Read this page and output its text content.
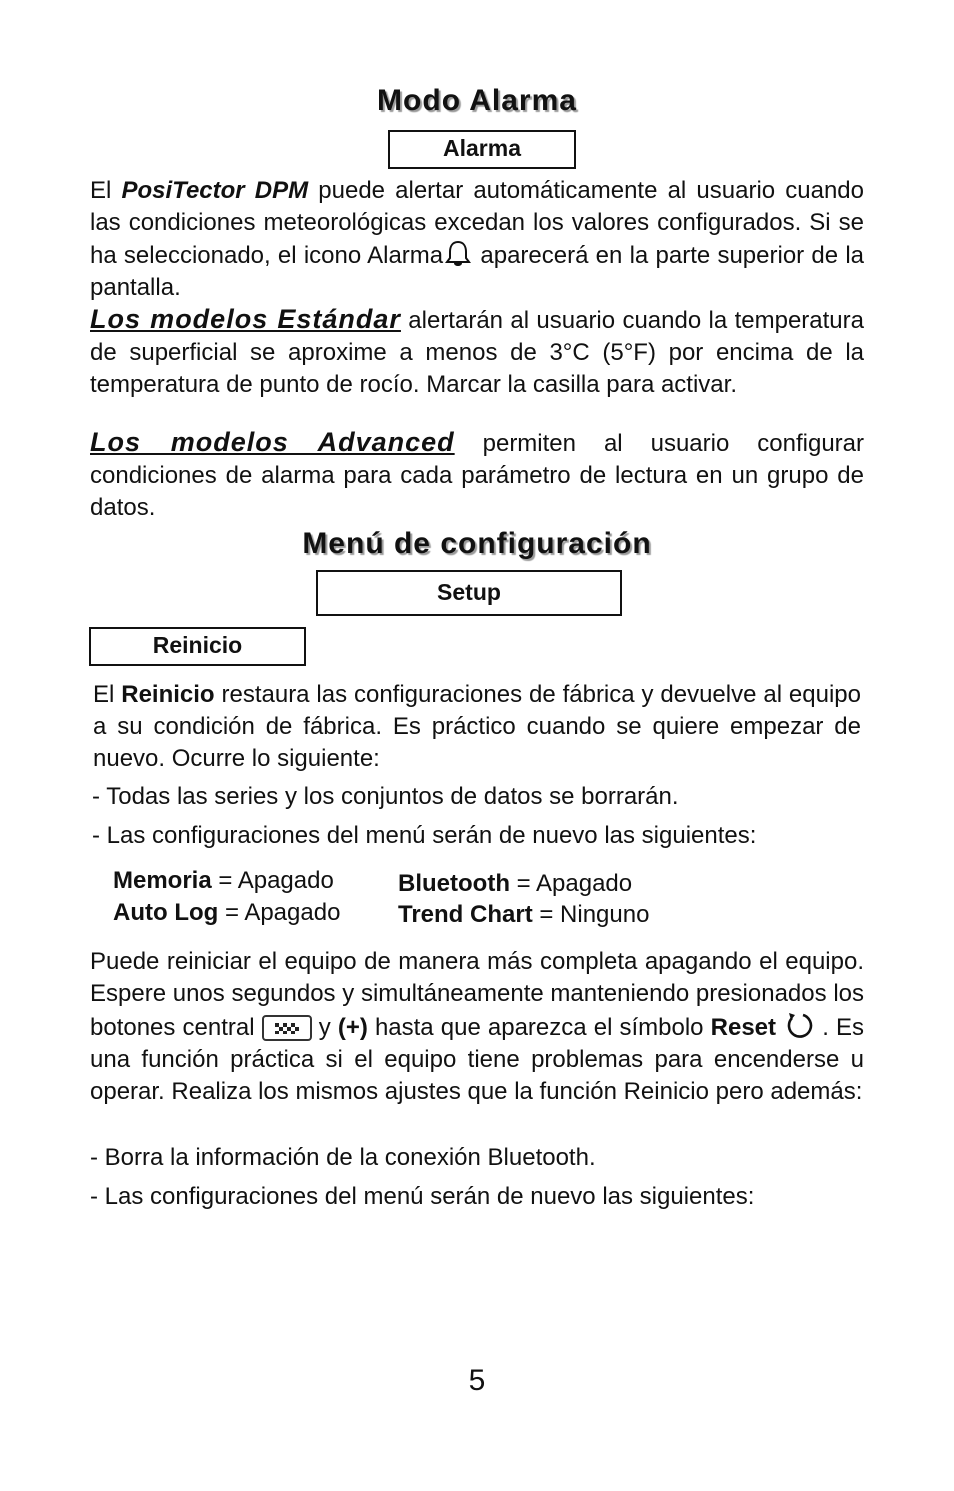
Modo Alarma
Alarma

El PosiTector DPM puede alertar automáticamente al usuario cuando las condiciones meteorológicas excedan los valores configurados. Si se ha seleccionado, el icono Alarma aparecerá en la parte superior de la pantalla.

Los modelos Estándar alertarán al usuario cuando la temperatura de superficial se aproxime a menos de 3°C (5°F) por encima de la temperatura de punto de rocío. Marcar la casilla para activar.

Los modelos Advanced permiten al usuario configurar condiciones de alarma para cada parámetro de lectura en un grupo de datos.

Menú de configuración
Setup
Reinicio

El Reinicio restaura las configuraciones de fábrica y devuelve al equipo a su condición de fábrica. Es práctico cuando se quiere empezar de nuevo. Ocurre lo siguiente:

- Todas las series y los conjuntos de datos se borrarán.

- Las configuraciones del menú serán de nuevo las siguientes:

Memoria = Apagado

Auto Log = Apagado

Bluetooth = Apagado

Trend Chart = Ninguno

Puede reiniciar el equipo de manera más completa apagando el equipo. Espere unos segundos y simultáneamente manteniendo presionados los botones central  y (+) hasta que aparezca el símbolo Reset  . Es una función práctica si el equipo tiene problemas para encenderse u operar. Realiza los mismos ajustes que la función Reinicio pero además:

- Borra la información de la conexión Bluetooth.

- Las configuraciones del menú serán de nuevo las siguientes:

5
